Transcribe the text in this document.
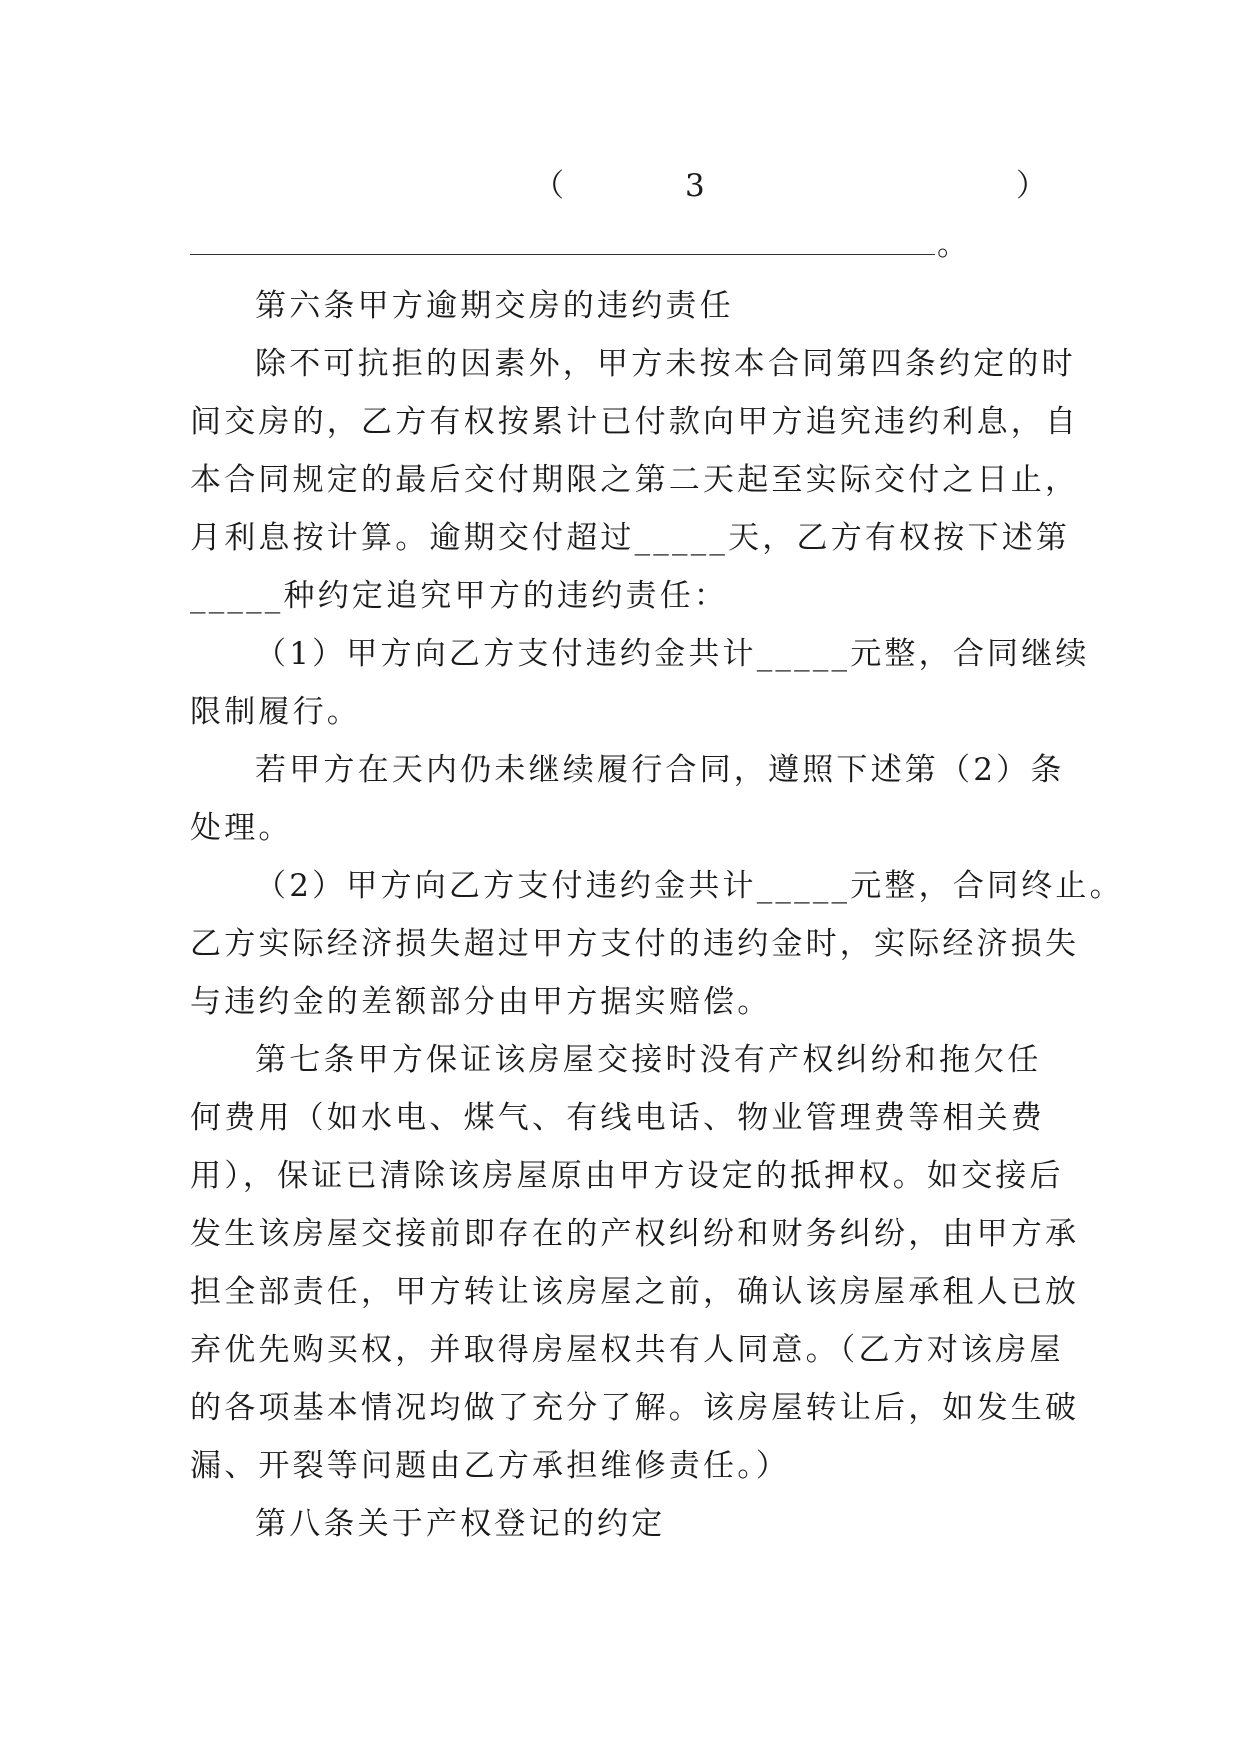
（	3	）
。
第六条甲方逾期交房的违约责任
除不可抗拒的因素外，甲方未按本合同第四条约定的时
间交房的，乙方有权按累计已付款向甲方追究违约利息，自
本合同规定的最后交付期限之第二天起至实际交付之日止，
月利息按计算。逾期交付超过_____天，乙方有权按下述第
_____种约定追究甲方的违约责任：
（1）甲方向乙方支付违约金共计_____元整，合同继续
限制履行。
若甲方在天内仍未继续履行合同，遵照下述第（2）条
处理。
（2）甲方向乙方支付违约金共计_____元整，合同终止。
乙方实际经济损失超过甲方支付的违约金时，实际经济损失
与违约金的差额部分由甲方据实赔偿。
第七条甲方保证该房屋交接时没有产权纠纷和拖欠任
何费用（如水电、煤气、有线电话、物业管理费等相关费
用），保证已清除该房屋原由甲方设定的抵押权。如交接后
发生该房屋交接前即存在的产权纠纷和财务纠纷，由甲方承
担全部责任，甲方转让该房屋之前，确认该房屋承租人已放
弃优先购买权，并取得房屋权共有人同意。（乙方对该房屋
的各项基本情况均做了充分了解。该房屋转让后，如发生破
漏、开裂等问题由乙方承担维修责任。）
第八条关于产权登记的约定
